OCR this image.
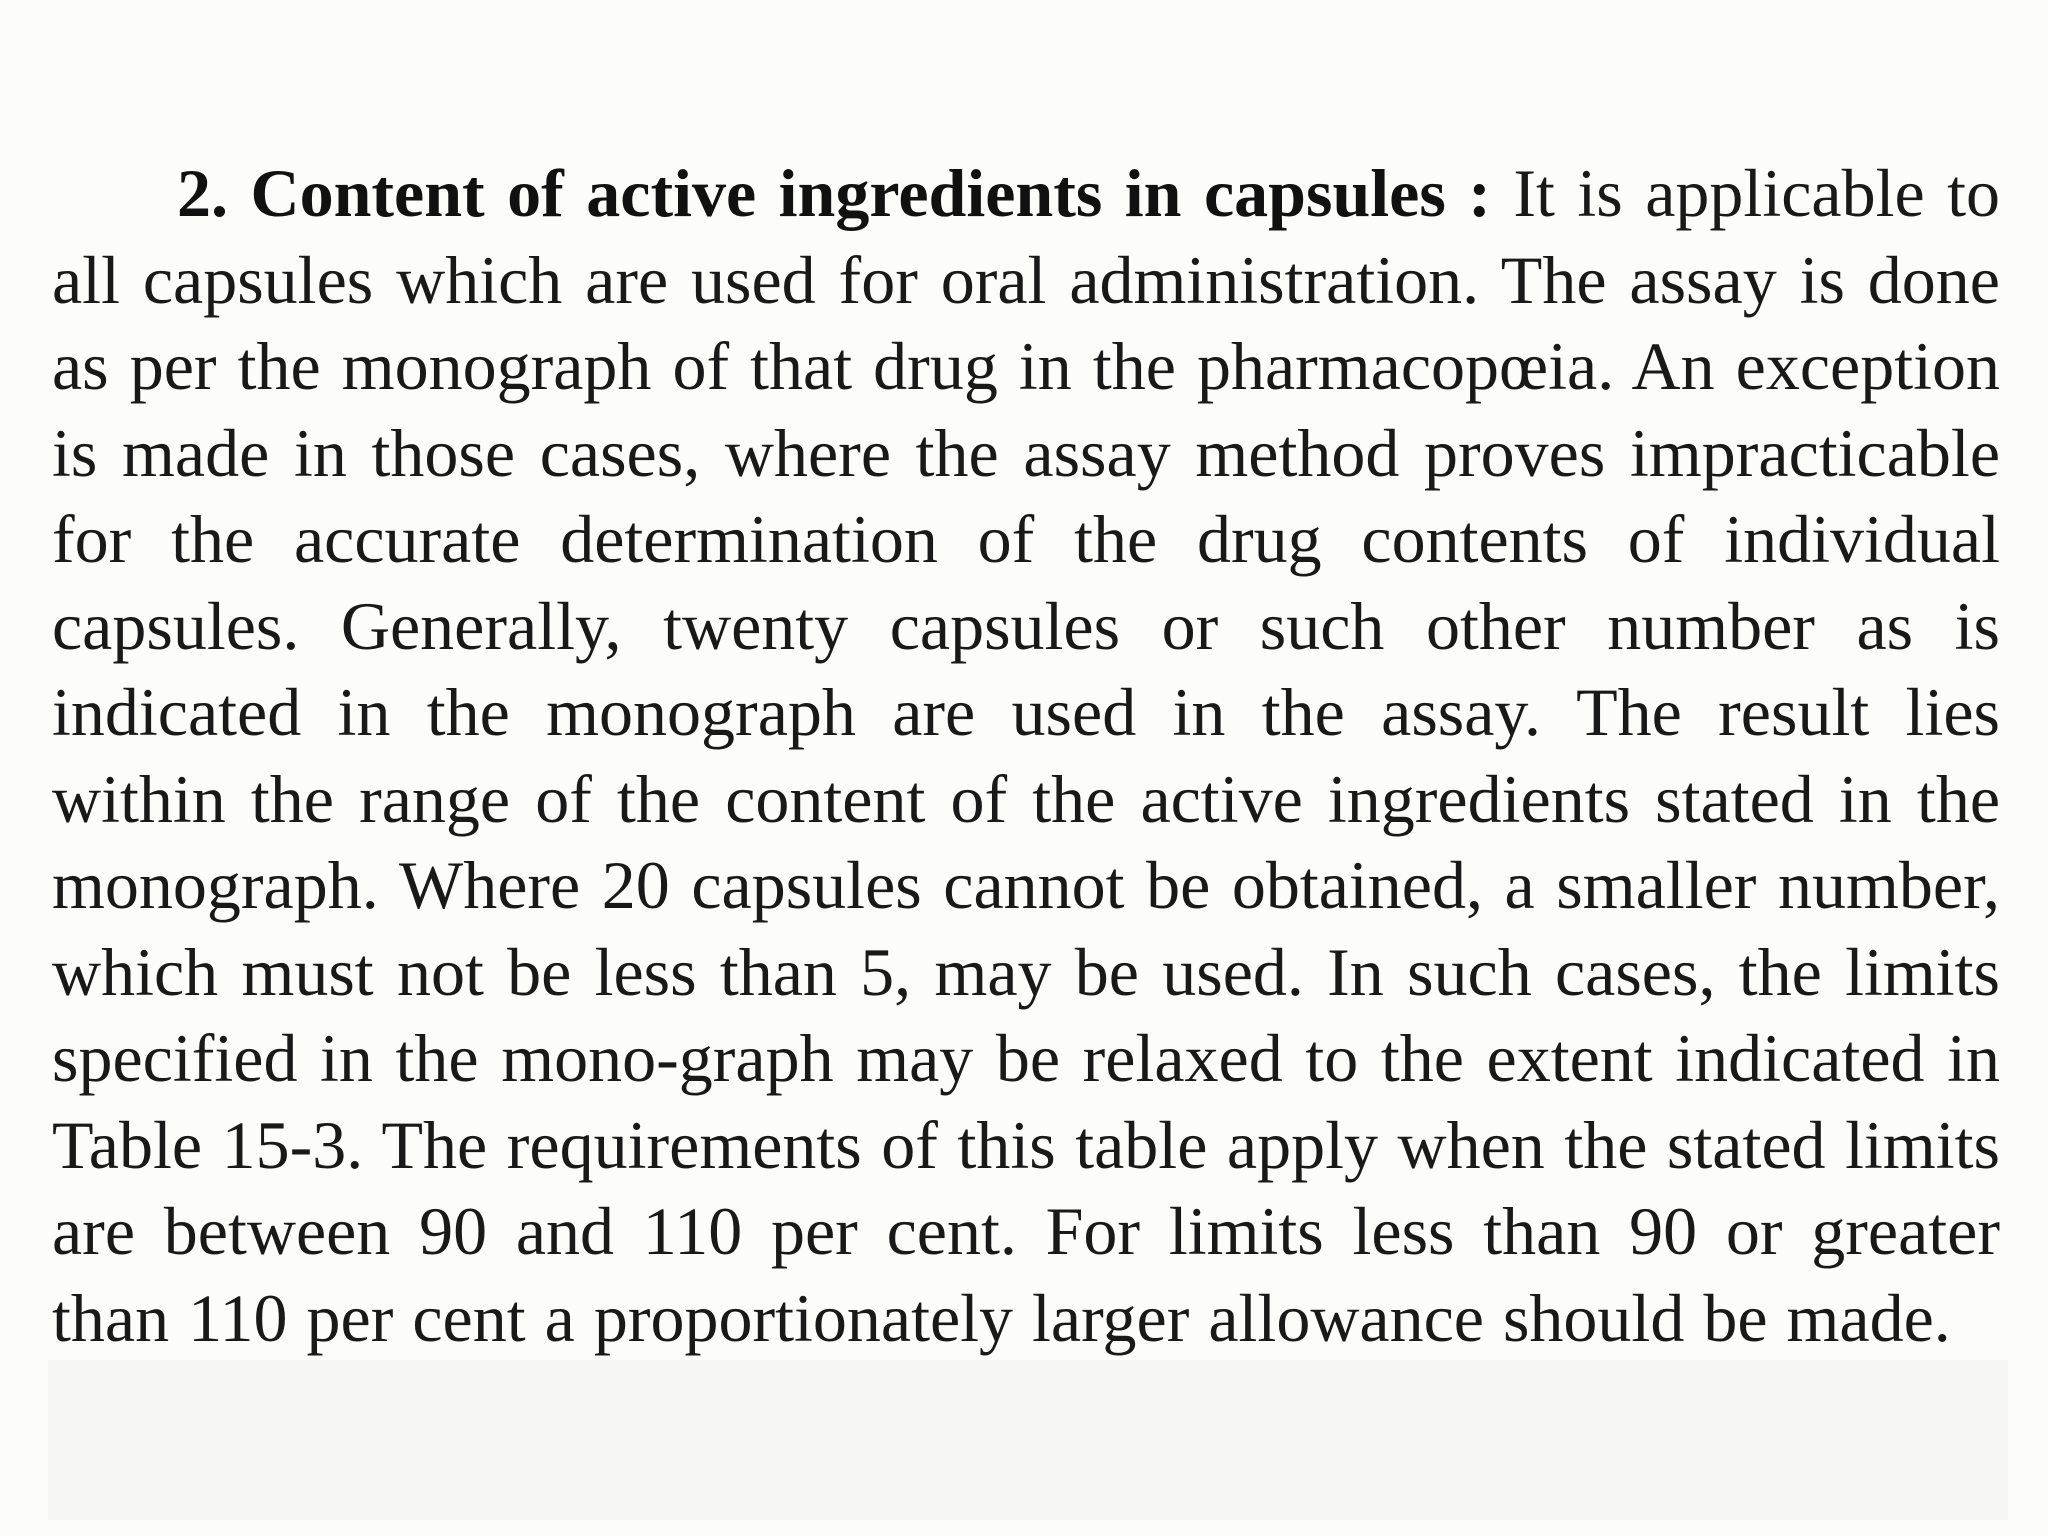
2. Content of active ingredients in capsules : It is applicable to all capsules which are used for oral administration. The assay is done as per the monograph of that drug in the pharmacopœia. An exception is made in those cases, where the assay method proves impracticable for the accurate determination of the drug contents of individual capsules. Generally, twenty capsules or such other number as is indicated in the monograph are used in the assay. The result lies within the range of the content of the active ingredients stated in the monograph. Where 20 capsules cannot be obtained, a smaller number, which must not be less than 5, may be used. In such cases, the limits specified in the mono-graph may be relaxed to the extent indicated in Table 15-3. The requirements of this table apply when the stated limits are between 90 and 110 per cent. For limits less than 90 or greater than 110 per cent a proportionately larger allowance should be made.
